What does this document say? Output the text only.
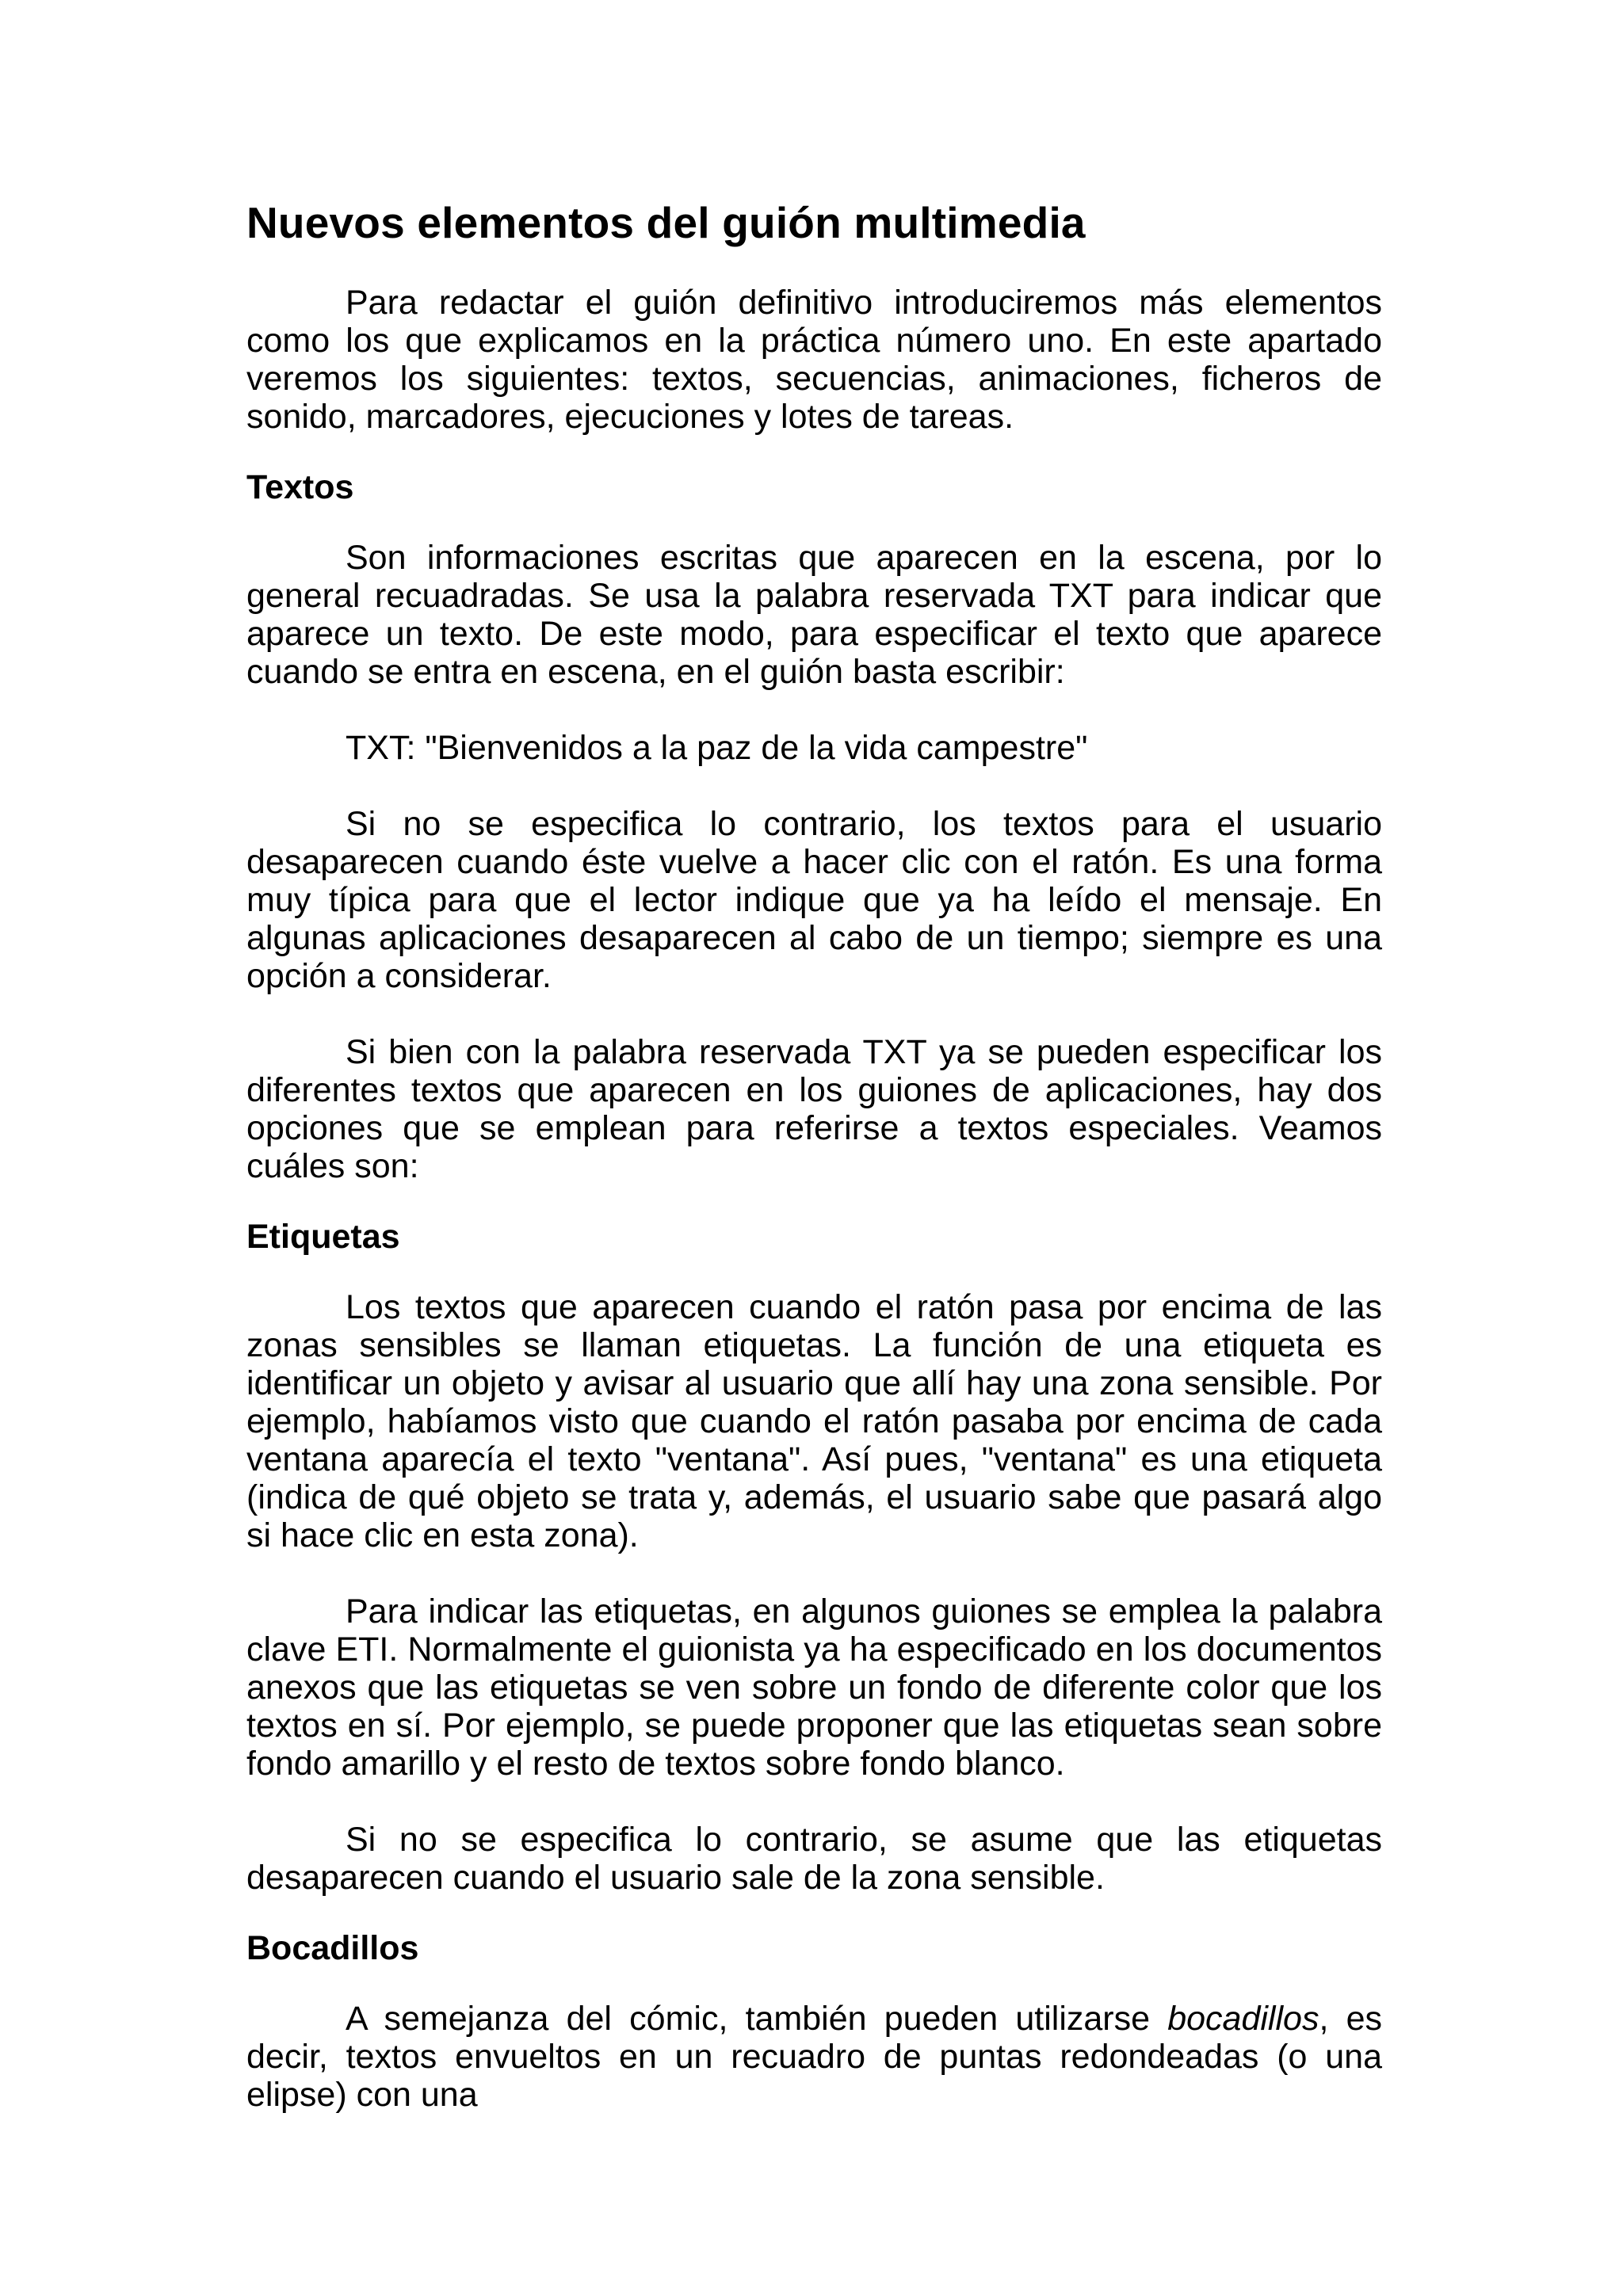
Nuevos elementos del guión multimedia

Para redactar el guión definitivo introduciremos más elementos como los que explicamos en la práctica número uno. En este apartado veremos los siguientes: textos, secuencias, animaciones, ficheros de sonido, marcadores, ejecuciones y lotes de tareas.

Textos

Son informaciones escritas que aparecen en la escena, por lo general recuadradas. Se usa la palabra reservada TXT para indicar que aparece un texto. De este modo, para especificar el texto que aparece cuando se entra en escena, en el guión basta escribir:

TXT: "Bienvenidos a la paz de la vida campestre"

Si no se especifica lo contrario, los textos para el usuario desaparecen cuando éste vuelve a hacer clic con el ratón. Es una forma muy típica para que el lector indique que ya ha leído el mensaje. En algunas aplicaciones desaparecen al cabo de un tiempo; siempre es una opción a considerar.

Si bien con la palabra reservada TXT ya se pueden especificar los diferentes textos que aparecen en los guiones de aplicaciones, hay dos opciones que se emplean para referirse a textos especiales. Veamos cuáles son:

Etiquetas

Los textos que aparecen cuando el ratón pasa por encima de las zonas sensibles se llaman etiquetas. La función de una etiqueta es identificar un objeto y avisar al usuario que allí hay una zona sensible. Por ejemplo, habíamos visto que cuando el ratón pasaba por encima de cada ventana aparecía el texto "ventana". Así pues, "ventana" es una etiqueta (indica de qué objeto se trata y, además, el usuario sabe que pasará algo si hace clic en esta zona).

Para indicar las etiquetas, en algunos guiones se emplea la palabra clave ETI. Normalmente el guionista ya ha especificado en los documentos anexos que las etiquetas se ven sobre un fondo de diferente color que los textos en sí. Por ejemplo, se puede proponer que las etiquetas sean sobre fondo amarillo y el resto de textos sobre fondo blanco.

Si no se especifica lo contrario, se asume que las etiquetas desaparecen cuando el usuario sale de la zona sensible.

Bocadillos

A semejanza del cómic, también pueden utilizarse bocadillos, es decir, textos envueltos en un recuadro de puntas redondeadas (o una elipse) con una
